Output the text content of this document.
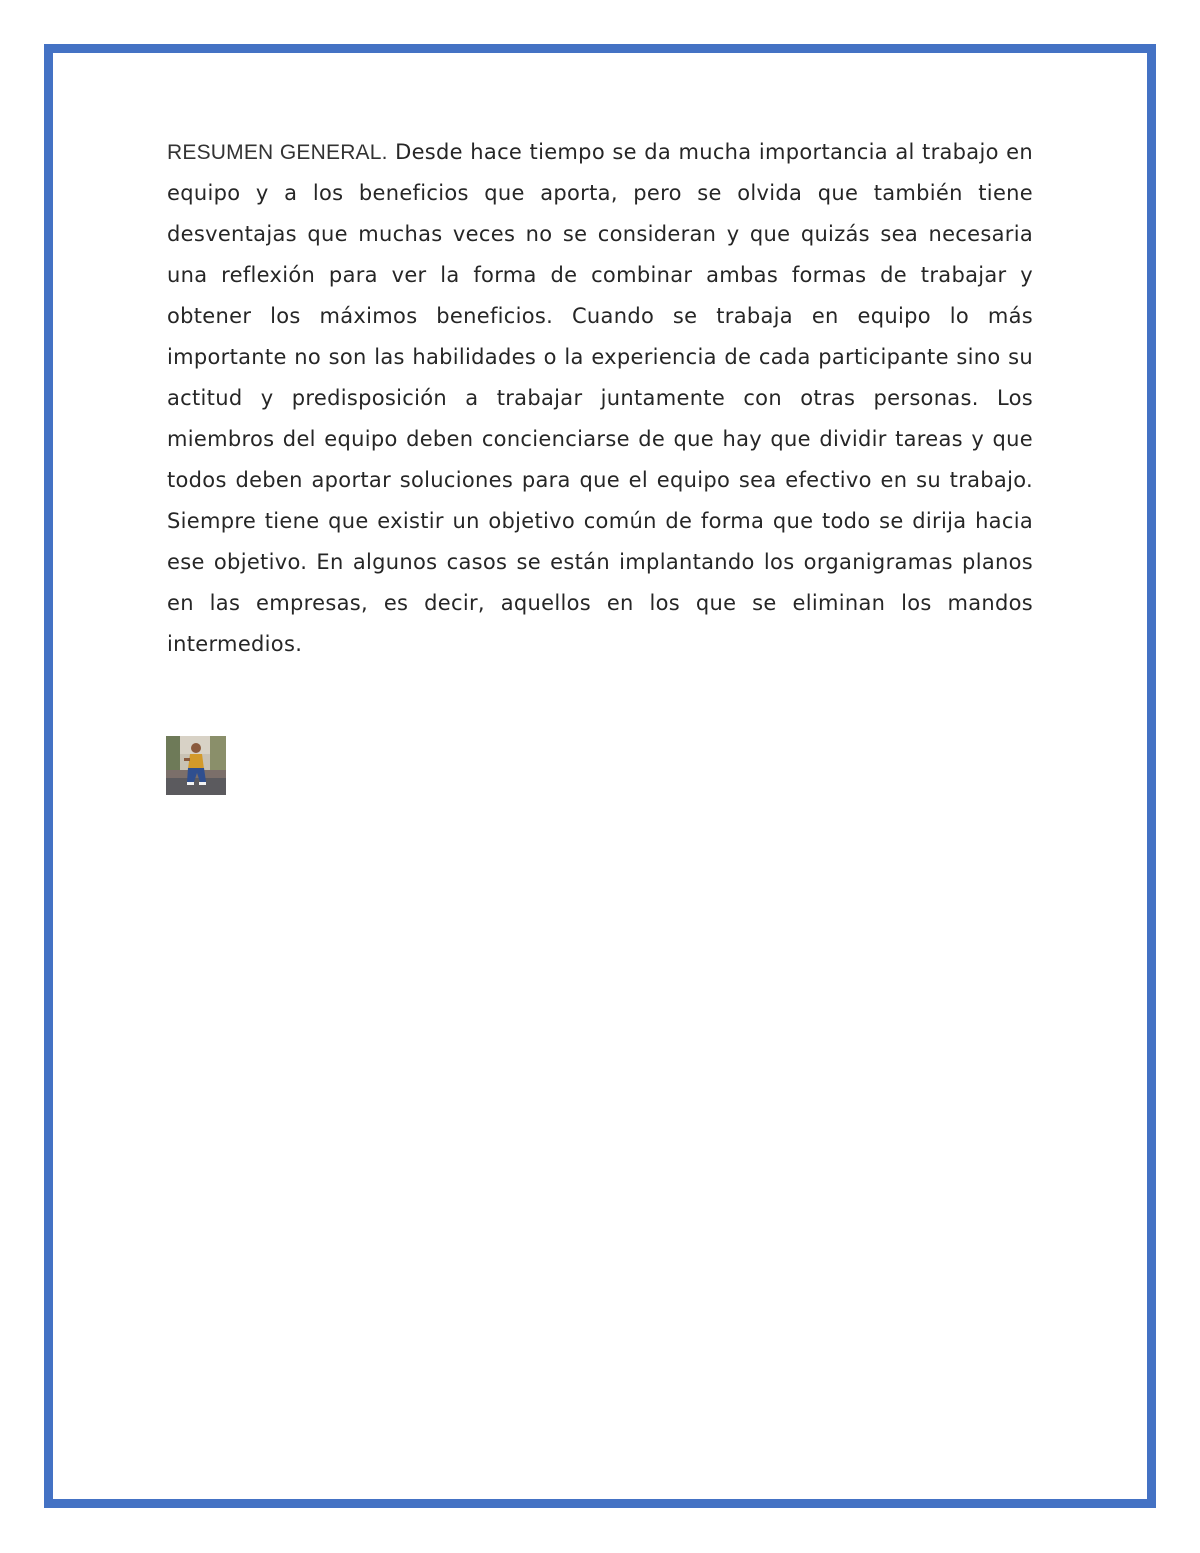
RESUMEN GENERAL. Desde hace tiempo se da mucha importancia al trabajo en equipo y a los beneficios que aporta, pero se olvida que también tiene desventajas que muchas veces no se consideran y que quizás sea necesaria una reflexión para ver la forma de combinar ambas formas de trabajar y obtener los máximos beneficios. Cuando se trabaja en equipo lo más importante no son las habilidades o la experiencia de cada participante sino su actitud y predisposición a trabajar juntamente con otras personas. Los miembros del equipo deben concienciarse de que hay que dividir tareas y que todos deben aportar soluciones para que el equipo sea efectivo en su trabajo. Siempre tiene que existir un objetivo común de forma que todo se dirija hacia ese objetivo. En algunos casos se están implantando los organigramas planos en las empresas, es decir, aquellos en los que se eliminan los mandos intermedios.
